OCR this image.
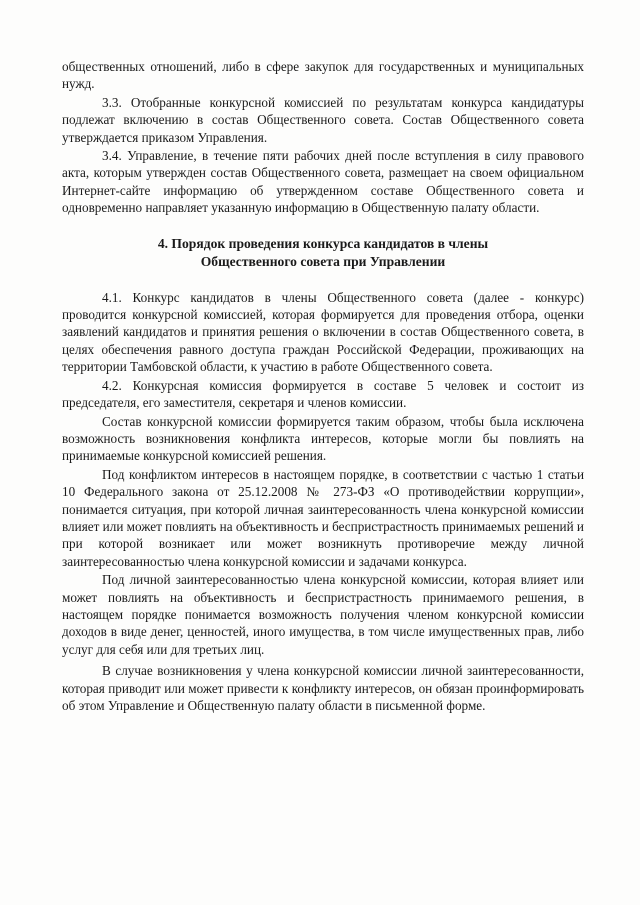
общественных отношений, либо в сфере закупок для государственных и муниципальных нужд.

3.3. Отобранные конкурсной комиссией по результатам конкурса кандидатуры подлежат включению в состав Общественного совета. Состав Общественного совета утверждается приказом Управления.

3.4. Управление, в течение пяти рабочих дней после вступления в силу правового акта, которым утвержден состав Общественного совета, размещает на своем официальном Интернет-сайте информацию об утвержденном составе Общественного совета и одновременно направляет указанную информацию в Общественную палату области.

4. Порядок проведения конкурса кандидатов в члены
Общественного совета при Управлении

4.1. Конкурс кандидатов в члены Общественного совета (далее - конкурс) проводится конкурсной комиссией, которая формируется для проведения отбора, оценки заявлений кандидатов и принятия решения о включении в состав Общественного совета, в целях обеспечения равного доступа граждан Российской Федерации, проживающих на территории Тамбовской области, к участию в работе Общественного совета.

4.2. Конкурсная комиссия формируется в составе 5 человек и состоит из председателя, его заместителя, секретаря и членов комиссии.

Состав конкурсной комиссии формируется таким образом, чтобы была исключена возможность возникновения конфликта интересов, которые могли бы повлиять на принимаемые конкурсной комиссией решения.

Под конфликтом интересов в настоящем порядке, в соответствии с частью 1 статьи 10 Федерального закона от 25.12.2008 № 273-ФЗ «О противодействии коррупции», понимается ситуация, при которой личная заинтересованность члена конкурсной комиссии влияет или может повлиять на объективность и беспристрастность принимаемых решений и при которой возникает или может возникнуть противоречие между личной заинтересованностью члена конкурсной комиссии и задачами конкурса.

Под личной заинтересованностью члена конкурсной комиссии, которая влияет или может повлиять на объективность и беспристрастность принимаемого решения, в настоящем порядке понимается возможность получения членом конкурсной комиссии доходов в виде денег, ценностей, иного имущества, в том числе имущественных прав, либо услуг для себя или для третьих лиц.

В случае возникновения у члена конкурсной комиссии личной заинтересованности, которая приводит или может привести к конфликту интересов, он обязан проинформировать об этом Управление и Общественную палату области в письменной форме.
